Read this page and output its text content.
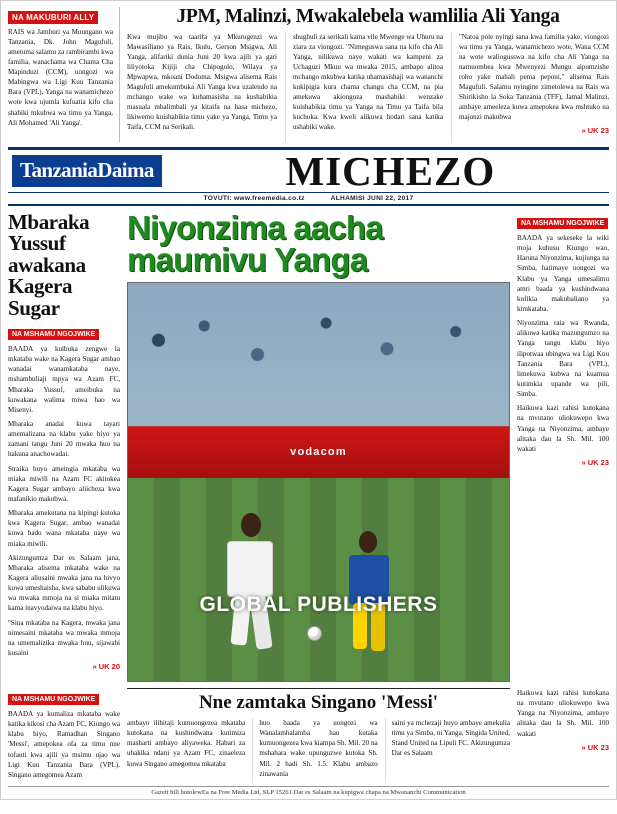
NA MAKUBURI ALLY

RAIS wa Jamhuri ya Muungano wa Tanzania, Dk. John Magufuli, ametuma salamu za rambirambi kwa familia, wanachama wa Chama Cha Mapinduzi (CCM), uongozi wa Mabingwa wa Ligi Kuu Tanzania Bara (VPL), Yanga na wanamichezo wote kwa ujumla kufuatia kifo cha shabiki mkubwa wa timu ya Yanga, Ali Mohamed 'Ali Yanga'.

JPM, Malinzi, Mwakalebela wamlilia Ali Yanga

Kwa mujibu wa taarifa ya Mkurugenzi wa Mawasiliano ya Rais, Ikulu, Gerson Msigwa, Ali Yanga, alifariki dunia Juni 20 kwa ajili ya gari liliyotoka Kijiji cha Chipogolo, Wilaya ya Mpwapwa, mkoani Dodoma. Msigwa alisema Rais Magufuli amekumbuka Ali Yanga kwa uzalendo na mchango wake wa kuhamasisha na kushabikia masuala mbalimbali ya kitaifa na hasa michezo, likiwemo kuishabikia timu yake ya Yanga, Timu ya Taifa, CCM na Serikali.

shughuli za serikali kama vile Mwenge wa Uhuru na ziara za viongozi. "Nimeguswa sana na kifo cha Ali Yanga, nilikuwa naye wakati wa kampeni za Uchaguzi Mkuu wa mwaka 2015, ambapo alitoa mchango mkubwa katika uhamasishaji wa wananchi kukipigia kura chama changu cha CCM, na pia amekuwa akiongoza mashabiki wenzake kuishabikia timu ya Yanga na Timu ya Taifa bila kuchoka. Kwa kweli alikuwa hodari sana katika ushabiki wake.

"Natoa pole nyingi sana kwa familia yake, viongozi wa timu ya Yanga, wanamichezo wote, Wana CCM na wote waliogusswa na kifo cha Ali Yanga na namuombea kwa Mwenyezi Mungu aipumzishe roho yake mahali pema peponi," alisema Rais Magufuli. Salamu nyingine zimetolewa na Rais wa Shirikisho la Soka Tanzania (TFF), Jamal Malinzi, ambaye ameeleza kuwa amepokea kwa mshtuko na majonzi makubwa

» UK 23
TanzaniaDaima	MICHEZO
TOVUTI: www.freemedia.co.tz	ALHAMISI JUNI 22, 2017
Mbaraka Yussuf awakana Kagera Sugar
NA MSHAMU NGOJWIKE

BAADA ya kuibuka zengwe la mkataba wake na Kagera Sugar ambao wanadai wanamkataba naye, mshambuliaji mpya wa Azam FC, Mbaraka Yussuf, ameibuka na kuwakana walima miwa hao wa Misenyi.

Mbaraka anadai kuwa tayari amemalizana na klabu yake hiyo ya zamani tangu Juni 20 mwaka huu na hakuna anachowadai.

Straika huyo ameingia mkataba wa miaka miwili na Azam FC akitokea Kagera Sugar ambayo aliicheza kwa mafanikio makubwa.

Mbaraka amekutana na kipingi kutoka kwa Kagera Sugar, ambao wanadai kuwa bado wana mkataba naye wa miaka miwili.

Akizungumza Dar es Salaam jana, Mbaraka alisema mkataba wake na Kagera aliusaini mwaka jana na hivyo kuwa umeshaisha, kwa sababu ulikuwa wa mwaka mmoja na si miaka mitatu kama inavyodaiwa na klabu hiyo.

"Sina mkataba na Kagera, mwaka jana nimesaini mkataba wa mwaka mmoja na umemalizika mwaka huu, sijawahi kusaini

» UK 20
Niyonzima aacha maumivu Yanga
vodacom
GLOBAL PUBLISHERS
NA MSHAMU NGOJWIKE

BAADA ya sekeseke la wiki moja kuhusu Kiungo wao, Haruna Niyonzima, kujiunga na Simba, hatimaye uongozi wa Klabu ya Yanga umesalimu amri baada ya kushindwana kufikia makubaliano ya kimkataba.

Niyonzima raia wa Rwanda, alikuwa katika mazungumzo na Yanga tangu klabu hiyo ilipotwaa ubingwa wa Ligi Kuu Tanzania Bara (VPL), limekuwa kubwa na kuamua kutimkia upande wa pili, Simba.

Haikuwa kazi rahisi kutokana na mvutano uliokuwepo kwa Yanga na Niyonzima, ambaye alitaka dau la Sh. Mil. 100 wakati

» UK 23
NA MSHAMU NGOJWIKE

BAADA ya kumaliza mkataba wake katika kikosi cha Azam FC, Kiungo wa klabu hiyo, Ramadhan Singano 'Messi', amepokea ofa za timu nne tofauti kwa ajili ya msimu ujao wa Ligi Kuu Tanzania Bara (VPL). Singano amegomea Azam

Nne zamtaka Singano 'Messi'

ambayo ilihitaji kumuongezea mkataba kutokana na kushindwana kutimiza masharti ambayo aliyaweka. Habari za uhakika ndani ya Azam FC, zinaeleza kuwa Singano amegomea mkataba

huo baada ya uongozi wa Wanalamhalamba hao kutaka kumuongezea kwa kiampa Sh. Mil. 20 na mshahara wake upunguzwe kutoka Sh. Mil. 2 hadi Sh. 1.5. Klabu ambazo zinawania

saini ya mchezaji huyo ambaye amekulia timu ya Simba, ni Yanga, Singida United, Stand United na Lipuli FC. Akizungumza Dar es Salaam

Haikuwa kazi rahisi kutokana na mvutano uliokuwepo kwa Yanga na Niyonzima, ambaye alitaka dau la Sh. Mil. 100 wakati

» UK 23
Gazeti hili hutolewEa na Free Media Ltd, SLP 15261 Dar es Salaam na kupigwa chapa na Mwananchi Communication
